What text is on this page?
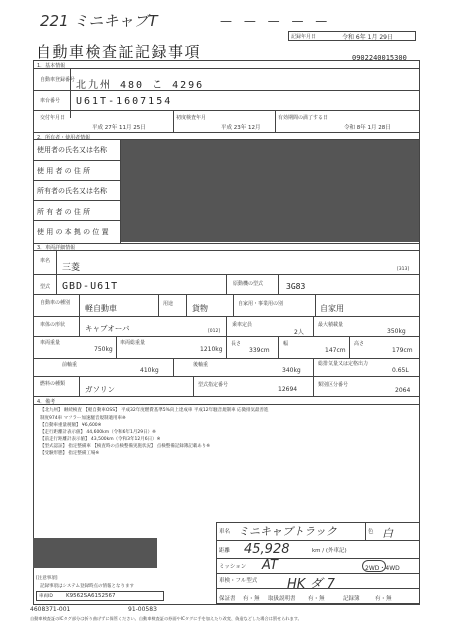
221 ミニキャブT	— — — — —
自動車検査証記録事項
記録年月日	令和 6年 1月 29日
0902240015300
1．基本情報
自動車登録番号 北九州 480 こ 4296
車台番号 U61T-1607154
交付年月日
平成 27年 11月 25日
初度検査年月
平成 23年 12月
有効期間の満了する日
令和 8年 1月 28日
2．所有者・使用者情報
使用者の氏名又は名称
使 用 者 の 住 所
所有者の氏名又は名称
所 有 者 の 住 所
使 用 の 本 拠 の 位 置
3．車両詳細情報
車名
三菱	[313]
型式 GBD-U61T	原動機の型式	3G83
自動車の種別
軽自動車	用途 貨物	自家用・事業用の別	自家用
車体の形状	キャブオーバ	[012]
乗車定員
2人
最大積載量
350kg
車両重量
750kg
車両総重量
1210kg
長さ
339cm
幅
147cm
高さ
179cm
前軸重
410kg
後軸重
340kg
総排気量又は定格出力
0.65L
燃料の種類
ガソリン	型式指定番号
12694
類別区分番号
2064
4．備考
【北九州】 継続検査 【軽自動車OSS】 平成32年度燃費基準5%向上達成車 平成12年騒音規制車 応微排気最善進
制度974車 マフラー加速騒音規制適用車※
【自動車重量税額】 ¥6,600※
【走行距離計表示値】 44,600km（令和6年1月29日）※
【前走行距離計表示値】 43,500km（令和3年12月6日）※
【型式認証】 指定整備車 【検査時の点検整備実施状況】 点検整備記録簿記載あり※
【受験形態】 指定整備工場※
[注意事項]
記録事項はシステム登録時点の情報となります
車両ID K9562SA6152567
4608371-001	91-00583
自動車検査証のICタグ部分は折り曲げずに保管ください。自動車検査証の券面やICタグに手を加えたり改変、偽造などした場合は罰せられます。
車名 ミニキャブトラック	色 白
距離 45,928	km / (外車記)
ミッション AT	2WD・4WD
車検・フル型式 HK ダ 7
保証書 有・無 取扱説明書 有・無	記録簿	有・無
